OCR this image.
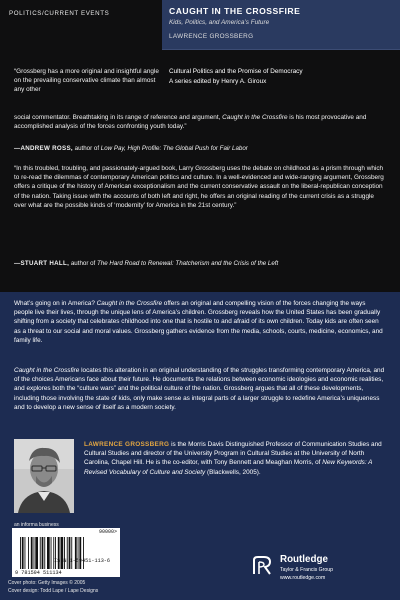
POLITICS/CURRENT EVENTS	CAUGHT IN THE CROSSFIRE
Kids, Politics, and America’s Future
LAWRENCE GROSSBERG
Cultural Politics and the Promise of Democracy
A series edited by Henry A. Giroux
“Grossberg has a more original and insightful angle on the prevailing conservative climate than almost any other
social commentator. Breathtaking in its range of reference and argument, Caught in the Crossfire is his most provocative and accomplished analysis of the forces confronting youth today.”
—ANDREW ROSS, author of Low Pay, High Profile: The Global Push for Fair Labor
“In this troubled, troubling, and passionately-argued book, Larry Grossberg uses the debate on childhood as a prism through which to re-read the dilemmas of contemporary American politics and culture. In a well-evidenced and wide-ranging argument, Grossberg offers a critique of the history of American exceptionalism and the current conservative assault on the liberal-republican conception of the nation. Taking issue with the accounts of both left and right, he offers an original reading of the current crisis as a struggle over what are the possible kinds of ‘modernity’ for America in the 21st century.”
—STUART HALL, author of The Hard Road to Renewal: Thatcherism and the Crisis of the Left
What’s going on in America? Caught in the Crossfire offers an original and compelling vision of the forces changing the ways people live their lives, through the unique lens of America’s children. Grossberg reveals how the United States has been gradually shifting from a society that celebrates childhood into one that is hostile to and afraid of its own children. Today kids are often seen as a threat to our social and moral values. Grossberg gathers evidence from the media, schools, courts, medicine, economics, and family life.
Caught in the Crossfire locates this alteration in an original understanding of the struggles transforming contemporary America, and of the choices Americans face about their future. He documents the relations between economic ideologies and economic realities, and explores both the “culture wars” and the political culture of the nation. Grossberg argues that all of these developments, including those involving the state of kids, only make sense as integral parts of a larger struggle to redefine America’s uniqueness and to develop a new sense of itself as a modern society.
LAWRENCE GROSSBERG is the Morris Davis Distinguished Professor of Communication Studies and Cultural Studies and director of the University Program in Cultural Studies at the University of North Carolina, Chapel Hill. He is the co-editor, with Tony Bennett and Meaghan Morris, of New Keywords: A Revised Vocabulary of Culture and Society (Blackwells, 2005).
an informa business
90000>
ISBN 1-59451-113-6
9 781594 511134
Cover photo: Getty Images © 2005
Cover design: Todd Lape / Lape Designs
Routledge
Taylor & Francis Group
www.routledge.com
